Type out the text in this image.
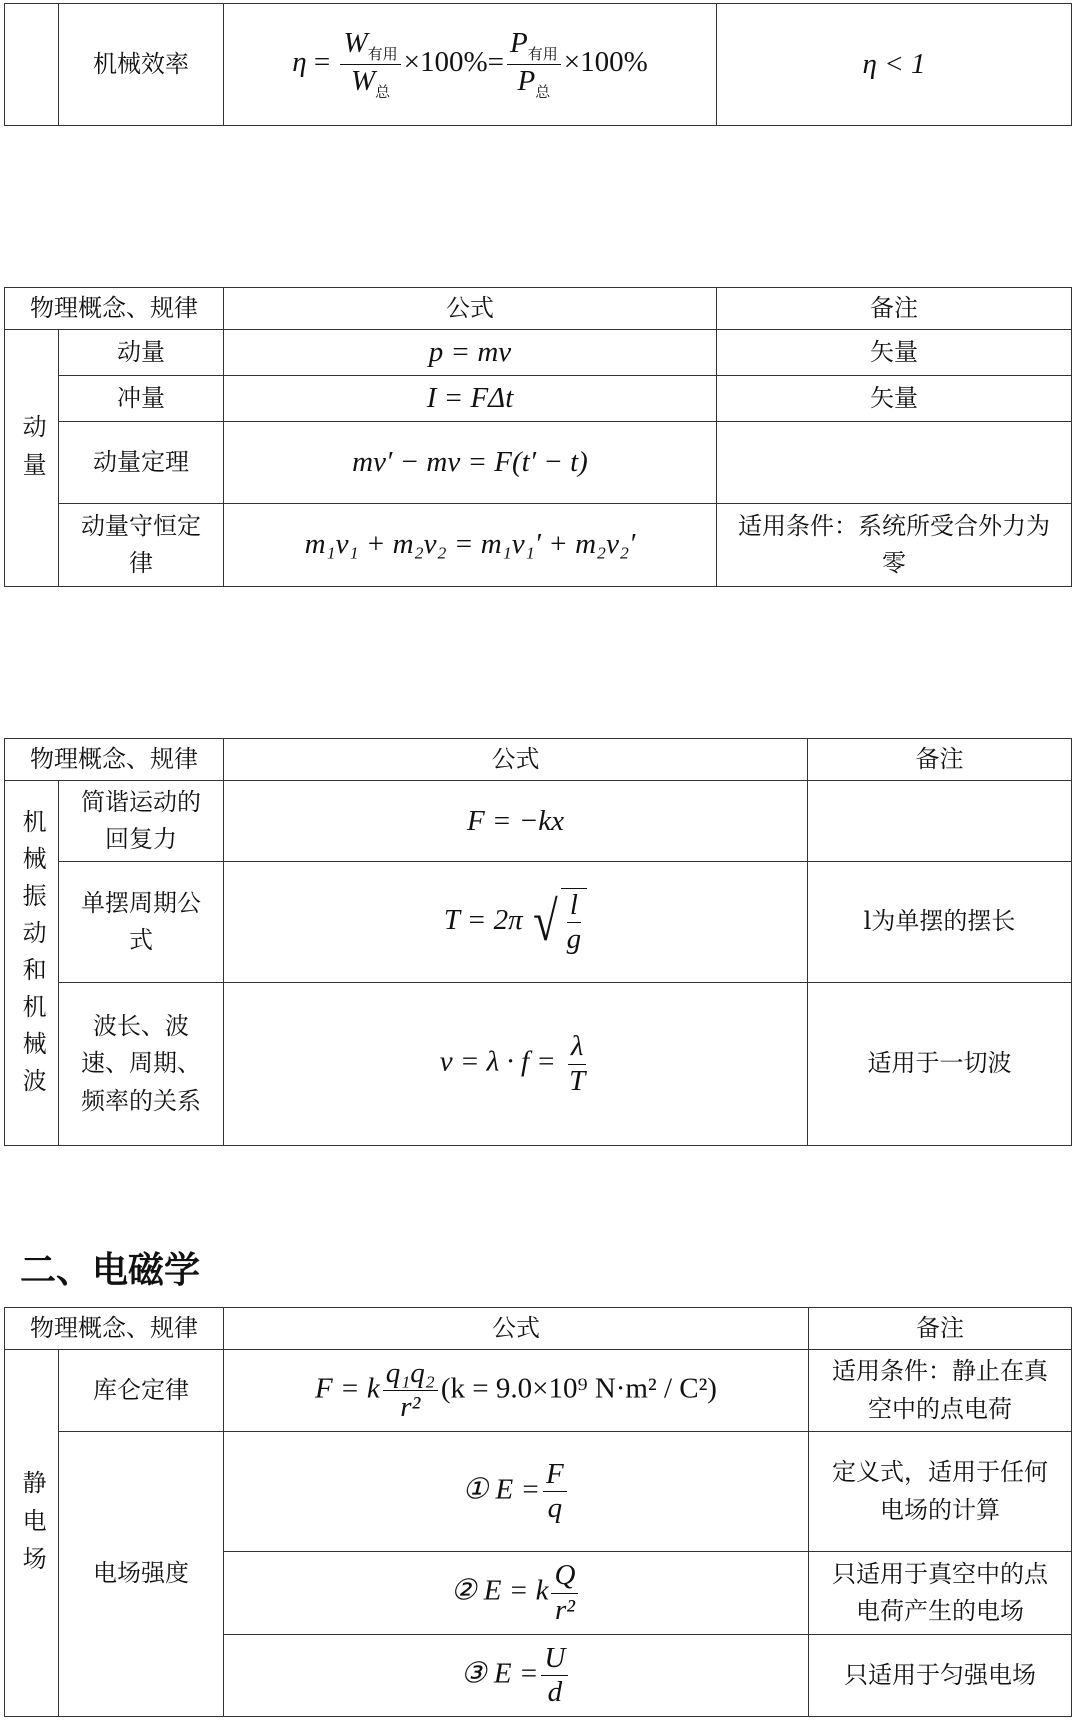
	机械效率	$\eta = \frac{W_{有用}}{W_总} \times 100\%= \frac{P_{有用}}{P_总} \times 100\%$	η < 1
物理概念、规律		公式	备注
动量	动量	p = mv	矢量
	冲量	I = FΔt	矢量
	动量定理	mv′ − mv = F(t′ − t)	
	动量守恒定律	m₁v₁ + m₂v₂ = m₁v₁′ + m₂v₂′	适用条件：系统所受合外力为零
物理概念、规律		公式	备注
机械振动和机械波	简谐运动的回复力	F = −kx	
	单摆周期公式	T = 2π √ $\frac{l}{g}$	l为单摆的摆长
	波长、波速、周期、频率的关系	$v = \lambda \cdot f = \frac{\lambda}{T}$	适用于一切波
二、电磁学
物理概念、规律		公式	备注
静电场	库仑定律	F = k $\frac{\text{q₁q₂}}{\text{r²}} (k = 9.0\times 10^9$ N·m² / C²)	适用条件：静止在真空中的点电荷
	电场强度	① $E = \frac{F}{q}$	定义式，适用于任何电场的计算
		② E = k $\frac{Q}{\text{r²}}$	只适用于真空中的点电荷产生的电场
		③ $E = \frac{U}{d}$	只适用于匀强电场
